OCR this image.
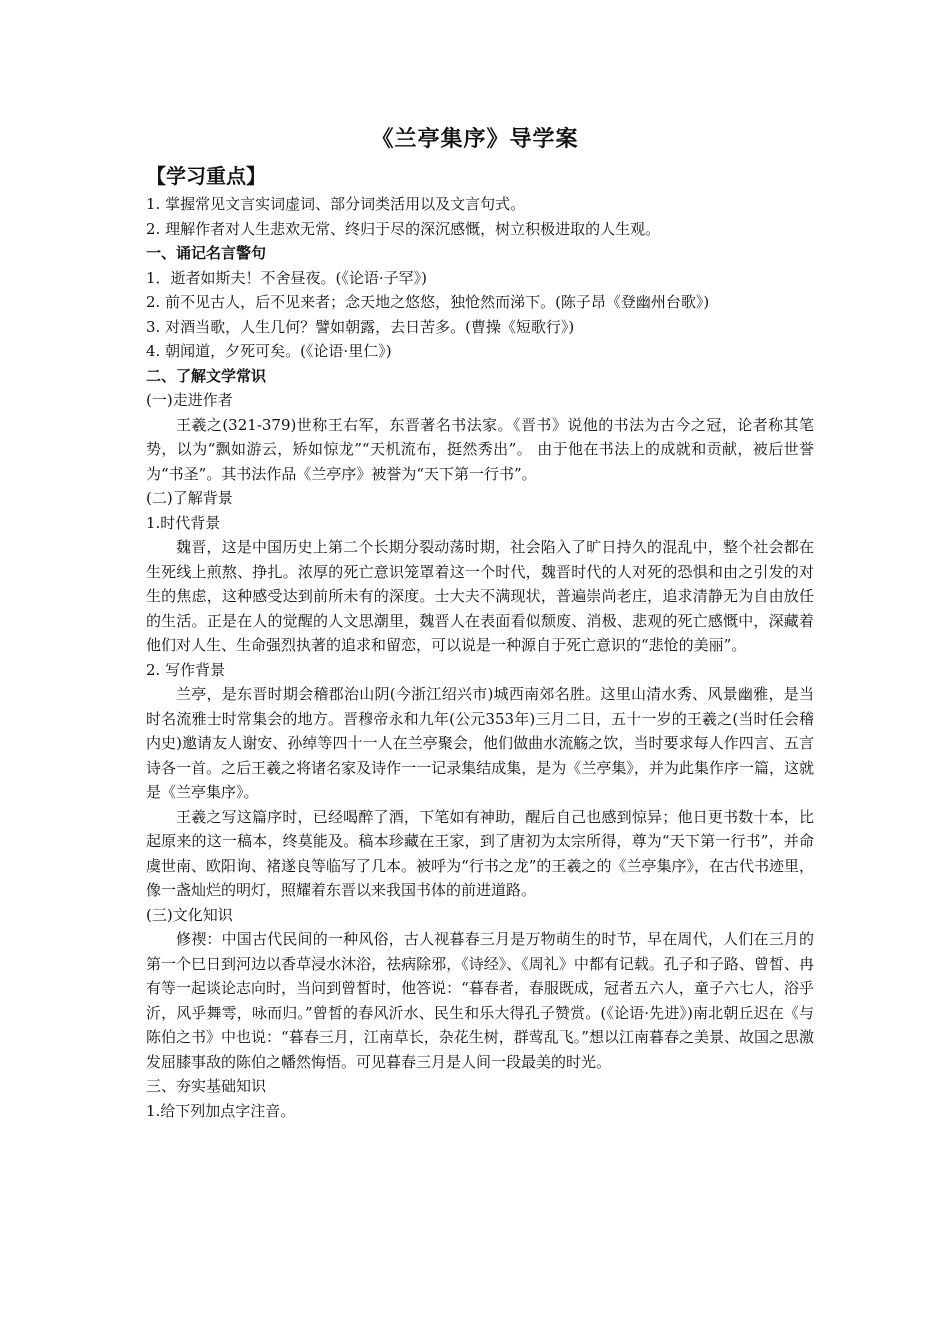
《兰亭集序》导学案
【学习重点】

1. 掌握常见文言实词虚词、部分词类活用以及文言句式。

2. 理解作者对人生悲欢无常、终归于尽的深沉感慨，树立积极进取的人生观。

一、诵记名言警句

1．逝者如斯夫！不舍昼夜。(《论语·子罕》)

2. 前不见古人，后不见来者；念天地之悠悠，独怆然而涕下。(陈子昂《登幽州台歌》)

3. 对酒当歌，人生几何？譬如朝露，去日苦多。(曹操《短歌行》)

4. 朝闻道，夕死可矣。(《论语·里仁》)

二、了解文学常识

(一)走进作者

王羲之(321-379)世称王右军，东晋著名书法家。《晋书》说他的书法为古今之冠，论者称其笔势，以为“飘如游云，矫如惊龙”“天机流布，挺然秀出”。 由于他在书法上的成就和贡献，被后世誉为“书圣”。其书法作品《兰亭序》被誉为“天下第一行书”。

(二)了解背景

1.时代背景

魏晋，这是中国历史上第二个长期分裂动荡时期，社会陷入了旷日持久的混乱中，整个社会都在生死线上煎熬、挣扎。浓厚的死亡意识笼罩着这一个时代，魏晋时代的人对死的恐惧和由之引发的对生的焦虑，这种感受达到前所未有的深度。士大夫不满现状，普遍崇尚老庄，追求清静无为自由放任的生活。正是在人的觉醒的人文思潮里，魏晋人在表面看似颓废、消极、悲观的死亡感慨中，深藏着他们对人生、生命强烈执著的追求和留恋，可以说是一种源自于死亡意识的“悲怆的美丽”。

2. 写作背景

兰亭，是东晋时期会稽郡治山阴(今浙江绍兴市)城西南郊名胜。这里山清水秀、风景幽雅，是当时名流雅士时常集会的地方。晋穆帝永和九年(公元353年)三月二日，五十一岁的王羲之(当时任会稽内史)邀请友人谢安、孙绰等四十一人在兰亭聚会，他们做曲水流觞之饮，当时要求每人作四言、五言诗各一首。之后王羲之将诸名家及诗作一一记录集结成集，是为《兰亭集》，并为此集作序一篇，这就是《兰亭集序》。

王羲之写这篇序时，已经喝醉了酒，下笔如有神助，醒后自己也感到惊异；他日更书数十本，比起原来的这一稿本，终莫能及。稿本珍藏在王家，到了唐初为太宗所得，尊为“天下第一行书”，并命虞世南、欧阳询、褚遂良等临写了几本。被呼为“行书之龙”的王羲之的《兰亭集序》，在古代书迹里，像一盏灿烂的明灯，照耀着东晋以来我国书体的前进道路。

(三)文化知识

修禊：中国古代民间的一种风俗，古人视暮春三月是万物萌生的时节，早在周代，人们在三月的第一个巳日到河边以香草浸水沐浴，祛病除邪，《诗经》、《周礼》中都有记载。孔子和子路、曾皙、冉有等一起谈论志向时，当问到曾皙时，他答说：“暮春者，春服既成，冠者五六人，童子六七人，浴乎沂，风乎舞雩，咏而归。”曾皙的春风沂水、民生和乐大得孔子赞赏。(《论语·先进》)南北朝丘迟在《与陈伯之书》中也说：“暮春三月，江南草长，杂花生树，群莺乱飞。”想以江南暮春之美景、故国之思激发屈膝事敌的陈伯之幡然悔悟。可见暮春三月是人间一段最美的时光。

三、夯实基础知识

1.给下列加点字注音。
